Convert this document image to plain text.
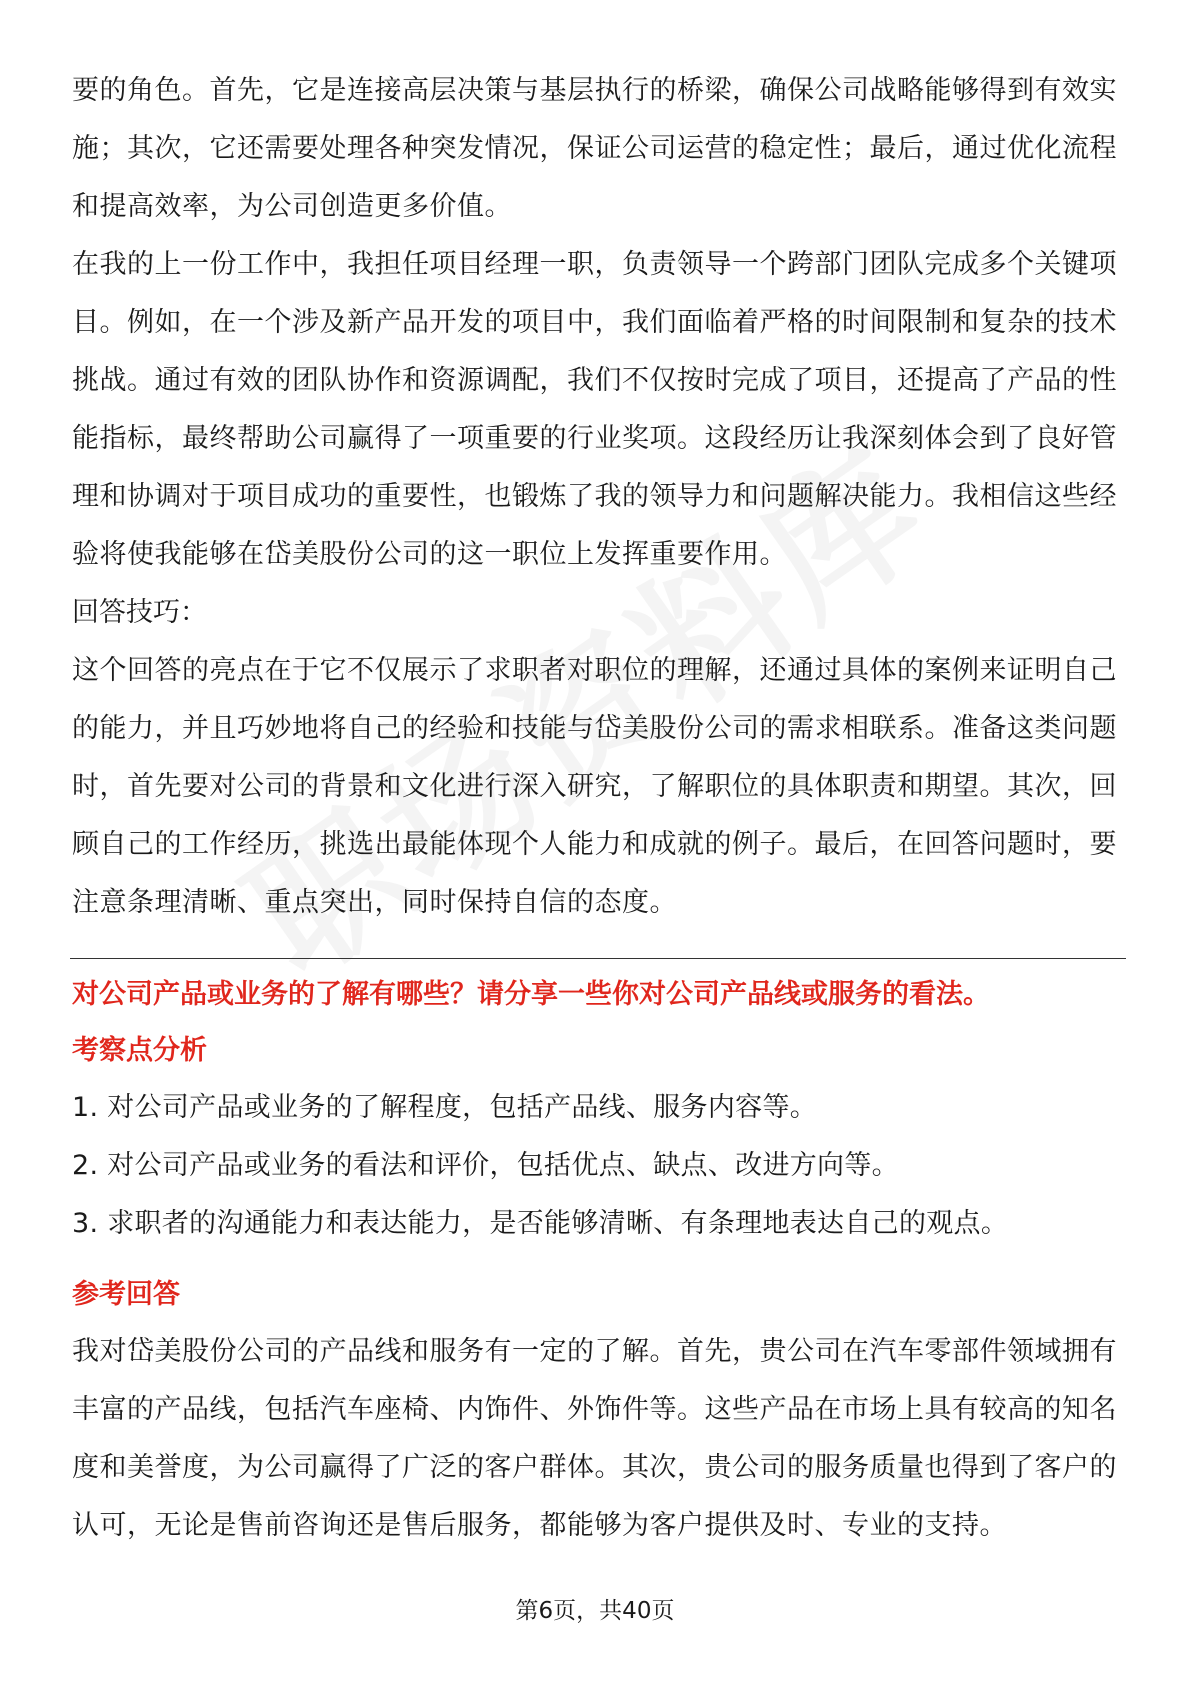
要的角色。首先，它是连接高层决策与基层执行的桥梁，确保公司战略能够得到有效实施；其次，它还需要处理各种突发情况，保证公司运营的稳定性；最后，通过优化流程和提高效率，为公司创造更多价值。

在我的上一份工作中，我担任项目经理一职，负责领导一个跨部门团队完成多个关键项目。例如，在一个涉及新产品开发的项目中，我们面临着严格的时间限制和复杂的技术挑战。通过有效的团队协作和资源调配，我们不仅按时完成了项目，还提高了产品的性能指标，最终帮助公司赢得了一项重要的行业奖项。这段经历让我深刻体会到了良好管理和协调对于项目成功的重要性，也锻炼了我的领导力和问题解决能力。我相信这些经验将使我能够在岱美股份公司的这一职位上发挥重要作用。

回答技巧：

这个回答的亮点在于它不仅展示了求职者对职位的理解，还通过具体的案例来证明自己的能力，并且巧妙地将自己的经验和技能与岱美股份公司的需求相联系。准备这类问题时，首先要对公司的背景和文化进行深入研究，了解职位的具体职责和期望。其次，回顾自己的工作经历，挑选出最能体现个人能力和成就的例子。最后，在回答问题时，要注意条理清晰、重点突出，同时保持自信的态度。

对公司产品或业务的了解有哪些？请分享一些你对公司产品线或服务的看法。

考察点分析

1. 对公司产品或业务的了解程度，包括产品线、服务内容等。

2. 对公司产品或业务的看法和评价，包括优点、缺点、改进方向等。

3. 求职者的沟通能力和表达能力，是否能够清晰、有条理地表达自己的观点。

参考回答

我对岱美股份公司的产品线和服务有一定的了解。首先，贵公司在汽车零部件领域拥有丰富的产品线，包括汽车座椅、内饰件、外饰件等。这些产品在市场上具有较高的知名度和美誉度，为公司赢得了广泛的客户群体。其次，贵公司的服务质量也得到了客户的认可，无论是售前咨询还是售后服务，都能够为客户提供及时、专业的支持。

第6页，共40页
